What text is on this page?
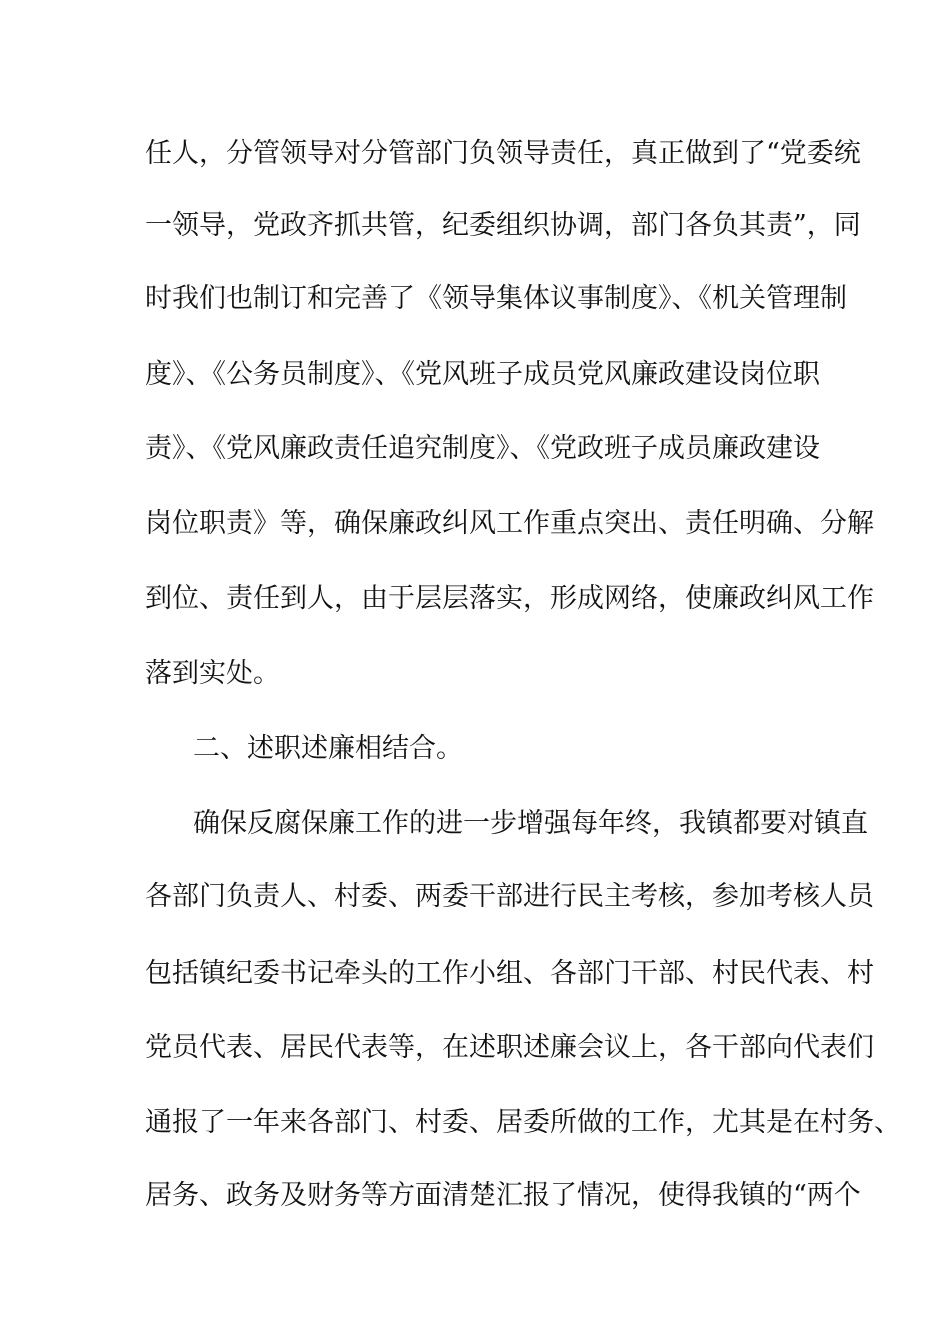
任人，分管领导对分管部门负领导责任，真正做到了“党委统
一领导，党政齐抓共管，纪委组织协调，部门各负其责”，同
时我们也制订和完善了《领导集体议事制度》、《机关管理制
度》、《公务员制度》、《党风班子成员党风廉政建设岗位职
责》、《党风廉政责任追究制度》、《党政班子成员廉政建设
岗位职责》等，确保廉政纠风工作重点突出、责任明确、分解
到位、责任到人，由于层层落实，形成网络，使廉政纠风工作
落到实处。
二、述职述廉相结合。
确保反腐保廉工作的进一步增强每年终，我镇都要对镇直
各部门负责人、村委、两委干部进行民主考核，参加考核人员
包括镇纪委书记牵头的工作小组、各部门干部、村民代表、村
党员代表、居民代表等，在述职述廉会议上，各干部向代表们
通报了一年来各部门、村委、居委所做的工作，尤其是在村务、
居务、政务及财务等方面清楚汇报了情况，使得我镇的“两个
